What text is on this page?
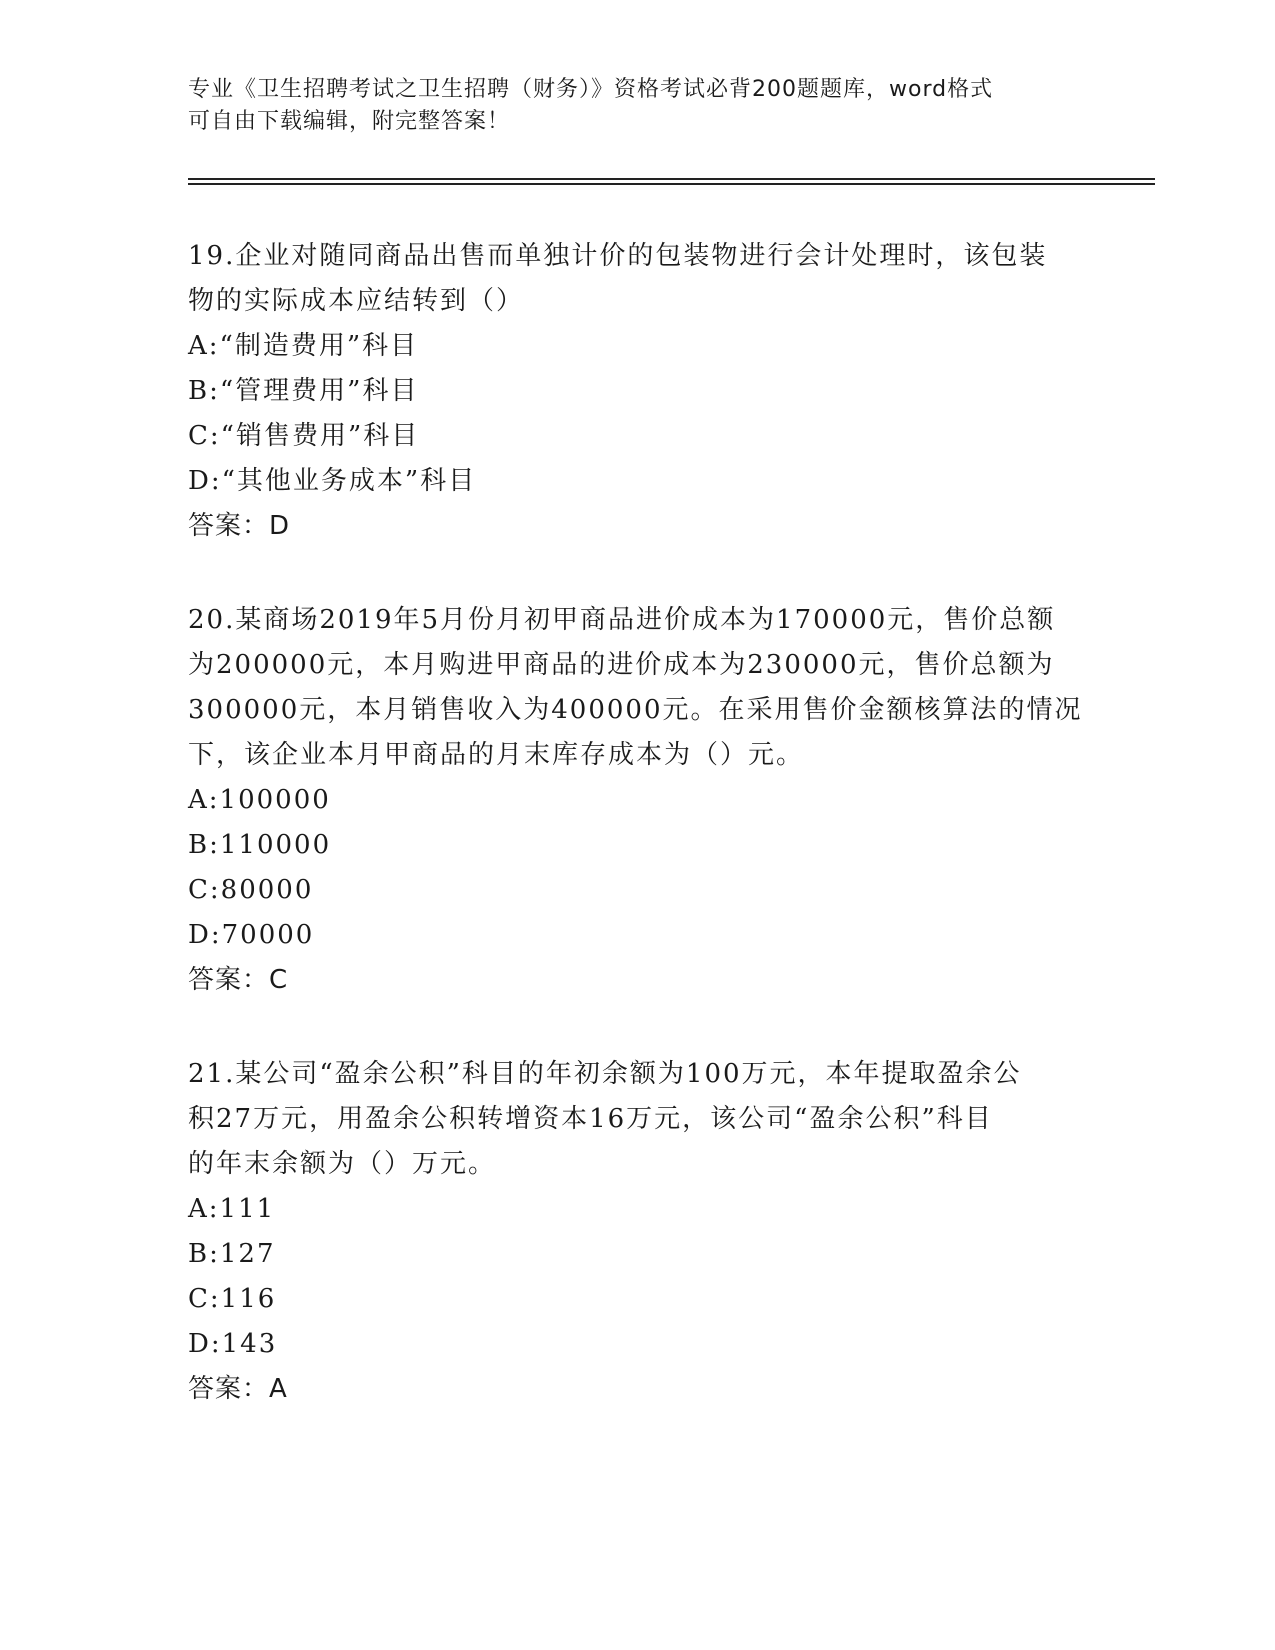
专业《卫生招聘考试之卫生招聘（财务）》资格考试必背200题题库，word格式
可自由下载编辑，附完整答案！

19.企业对随同商品出售而单独计价的包装物进行会计处理时，该包装
物的实际成本应结转到（）

A:“制造费用”科目
B:“管理费用”科目
C:“销售费用”科目
D:“其他业务成本”科目
答案：D

20.某商场2019年5月份月初甲商品进价成本为170000元，售价总额
为200000元，本月购进甲商品的进价成本为230000元，售价总额为
300000元，本月销售收入为400000元。在采用售价金额核算法的情况
下，该企业本月甲商品的月末库存成本为（）元。

A:100000
B:110000
C:80000
D:70000
答案：C

21.某公司“盈余公积”科目的年初余额为100万元，本年提取盈余公
积27万元，用盈余公积转增资本16万元，该公司“盈余公积”科目
的年末余额为（）万元。

A:111
B:127
C:116
D:143
答案：A
